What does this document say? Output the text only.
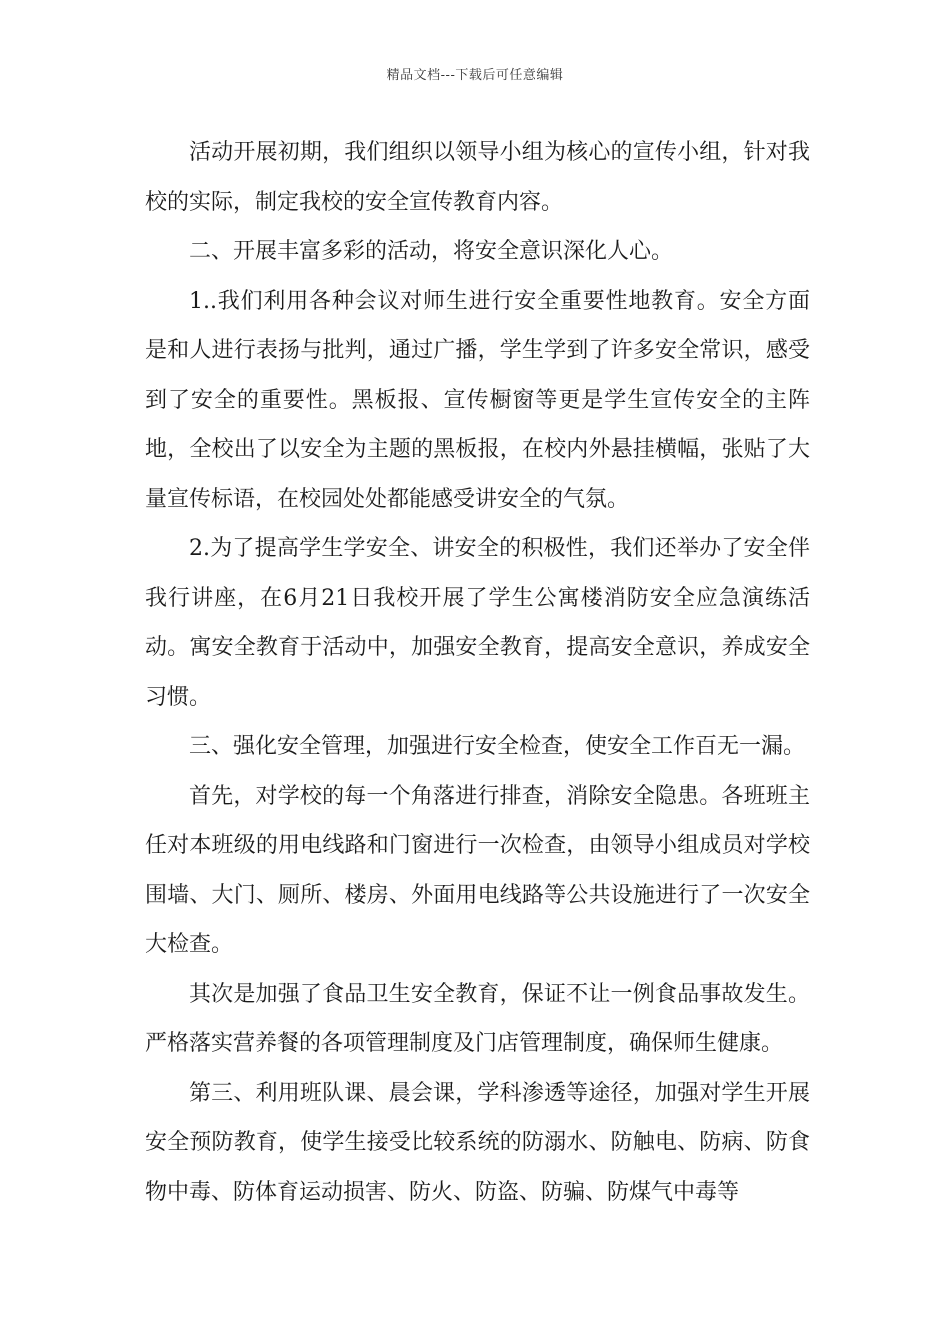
精品文档---下载后可任意编辑

活动开展初期，我们组织以领导小组为核心的宣传小组，针对我校的实际，制定我校的安全宣传教育内容。

二、开展丰富多彩的活动，将安全意识深化人心。

1..我们利用各种会议对师生进行安全重要性地教育。安全方面是和人进行表扬与批判，通过广播，学生学到了许多安全常识，感受到了安全的重要性。黑板报、宣传橱窗等更是学生宣传安全的主阵地，全校出了以安全为主题的黑板报，在校内外悬挂横幅，张贴了大量宣传标语，在校园处处都能感受讲安全的气氛。

2.为了提高学生学安全、讲安全的积极性，我们还举办了安全伴我行讲座，在6月21日我校开展了学生公寓楼消防安全应急演练活动。寓安全教育于活动中，加强安全教育，提高安全意识，养成安全习惯。

三、强化安全管理，加强进行安全检查，使安全工作百无一漏。

首先，对学校的每一个角落进行排查，消除安全隐患。各班班主任对本班级的用电线路和门窗进行一次检查，由领导小组成员对学校围墙、大门、厕所、楼房、外面用电线路等公共设施进行了一次安全大检查。

其次是加强了食品卫生安全教育，保证不让一例食品事故发生。严格落实营养餐的各项管理制度及门店管理制度，确保师生健康。

第三、利用班队课、晨会课，学科渗透等途径，加强对学生开展安全预防教育，使学生接受比较系统的防溺水、防触电、防病、防食物中毒、防体育运动损害、防火、防盗、防骗、防煤气中毒等
